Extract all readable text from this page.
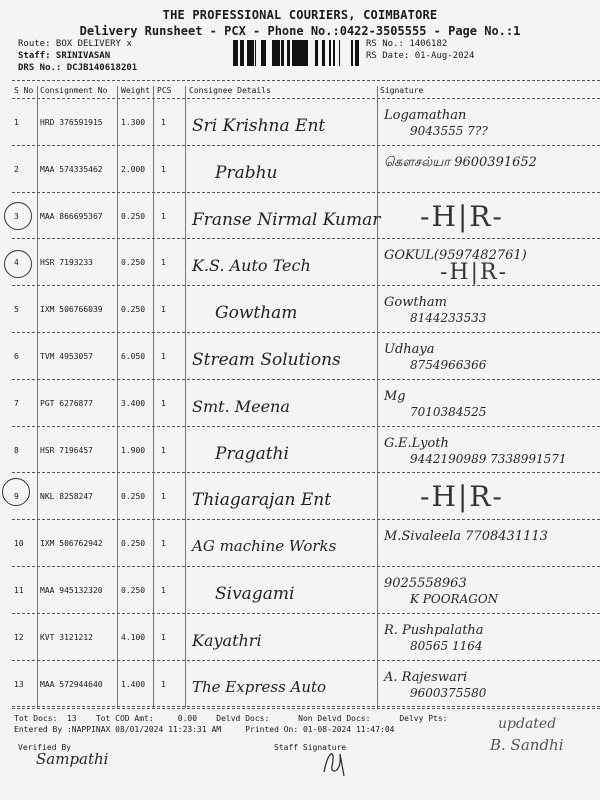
THE PROFESSIONAL COURIERS, COIMBATORE
Delivery Runsheet - PCX - Phone No.:0422-3505555 - Page No.:1
Route: BOX DELIVERY x
Staff: SRINIVASAN
DRS No.: DCJB140618201
RS No.: 1406182
RS Date: 01-Aug-2024
S No Consignment No Weight PCS Consignee Details	Signature
1	HRD 376591915 1.300 1 Sri Krishna Ent
Logamathan
9043555 7??
2	MAA 574335462 2.000 1	Prabhu
கௌசல்யா 9600391652
3	MAA 866695367 0.250 1 Franse Nirmal Kumar -H|R-
4	HSR 7193233	0.250 1 K.S. Auto Tech
GOKUL(9597482761)
-H|R-
5	IXM 506766039 0.250 1	Gowtham
Gowtham
8144233533
6	TVM 4953057	6.050 1 Stream Solutions
Udhaya
8754966366
7	PGT 6276877	3.400 1 Smt. Meena
Mg
7010384525
8	HSR 7196457	1.900 1	Pragathi
G.E.Lyoth
9442190989 7338991571
9	NKL 8258247	0.250 1 Thiagarajan Ent	-H|R-
10 IXM 506762942 0.250 1 AG machine Works
M.Sivaleela 7708431113
11 MAA 945132320 0.250 1	Sivagami
9025558963
K POORAGON
12 KVT 3121212	4.100 1 Kayathri
R. Pushpalatha
80565 1164
13 MAA 572944640 1.400 1 The Express Auto
A. Rajeswari
9600375580
Tot Docs:  13    Tot COD Amt:     0.00    Delvd Docs:      Non Delvd Docs:      Delvy Pts:
Entered By :NAPPINAX 08/01/2024 11:23:31 AM     Printed On: 01-08-2024 11:47:04
Verified By	Staff Signature
Sampathi
updated
B. Sandhi
